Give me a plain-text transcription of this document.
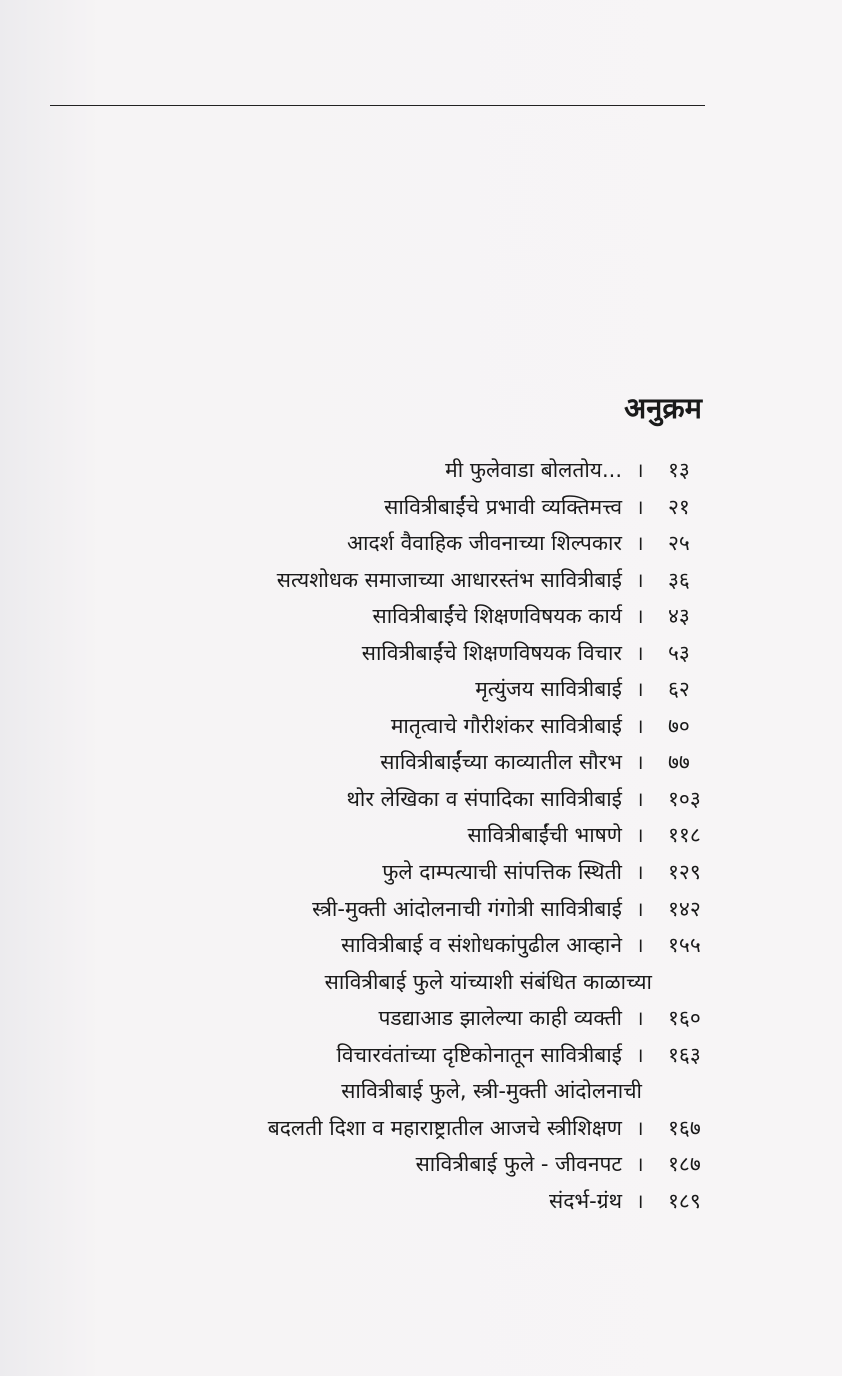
अनुक्रम
मी फुलेवाडा बोलतोय... । १३
सावित्रीबाईंचे प्रभावी व्यक्तिमत्त्व । २१
आदर्श वैवाहिक जीवनाच्या शिल्पकार । २५
सत्यशोधक समाजाच्या आधारस्तंभ सावित्रीबाई । ३६
सावित्रीबाईंचे शिक्षणविषयक कार्य । ४३
सावित्रीबाईंचे शिक्षणविषयक विचार । ५३
मृत्युंजय सावित्रीबाई । ६२
मातृत्वाचे गौरीशंकर सावित्रीबाई । ७०
सावित्रीबाईंच्या काव्यातील सौरभ । ७७
थोर लेखिका व संपादिका सावित्रीबाई । १०३
सावित्रीबाईंची भाषणे । ११८
फुले दाम्पत्याची सांपत्तिक स्थिती । १२९
स्त्री-मुक्ती आंदोलनाची गंगोत्री सावित्रीबाई । १४२
सावित्रीबाई व संशोधकांपुढील आव्हाने । १५५
सावित्रीबाई फुले यांच्याशी संबंधित काळाच्या
पडद्याआड झालेल्या काही व्यक्ती । १६०
विचारवंतांच्या दृष्टिकोनातून सावित्रीबाई । १६३
सावित्रीबाई फुले, स्त्री-मुक्ती आंदोलनाची
बदलती दिशा व महाराष्ट्रातील आजचे स्त्रीशिक्षण । १६७
सावित्रीबाई फुले - जीवनपट । १८७
संदर्भ-ग्रंथ । १८९
